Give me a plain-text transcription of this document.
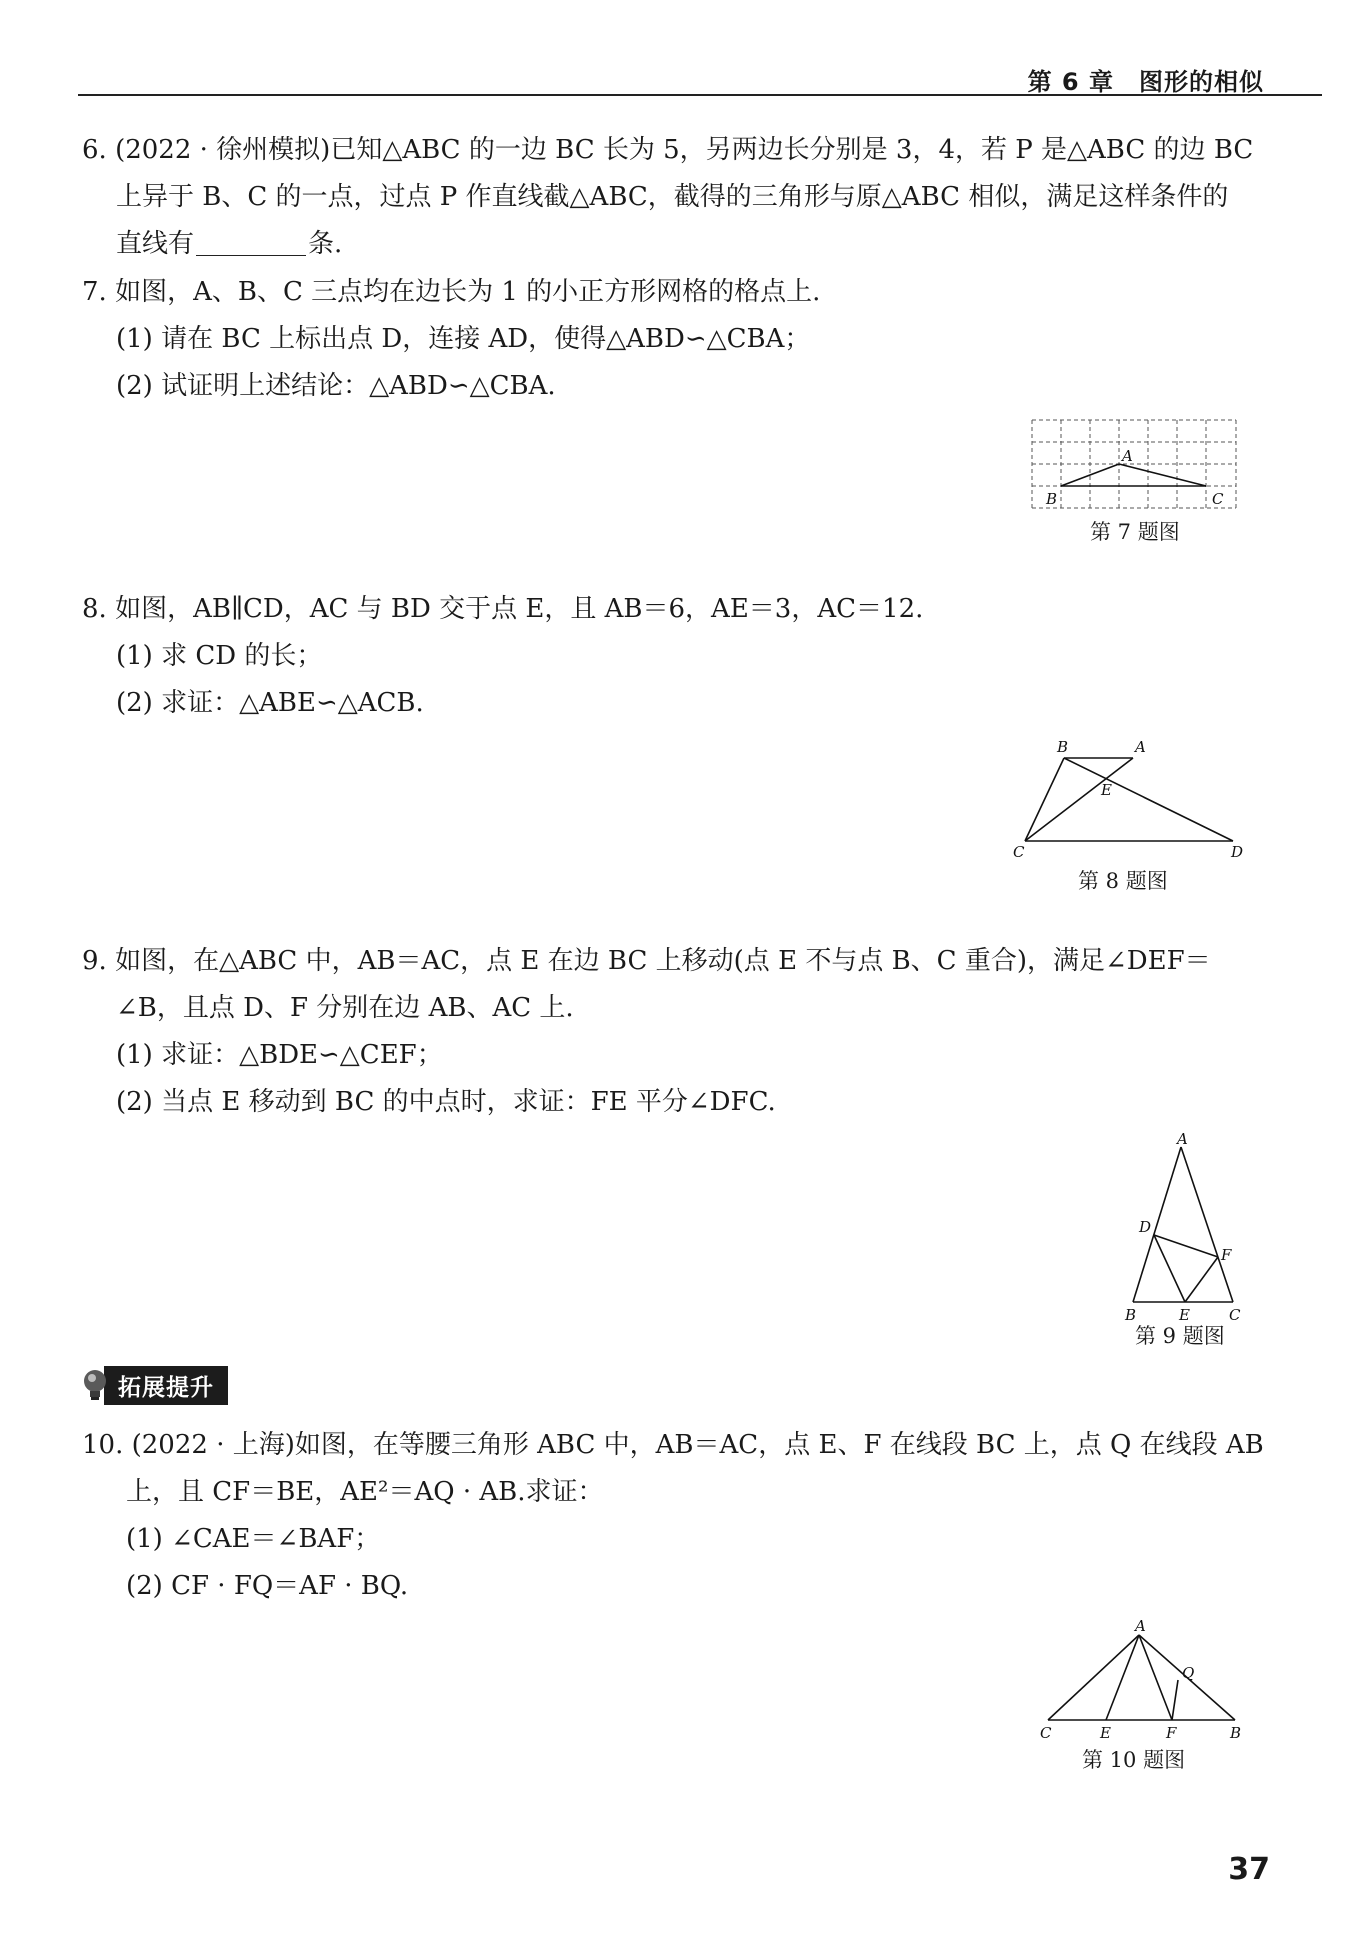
第 6 章　图形的相似
6. (2022 · 徐州模拟)已知△ABC 的一边 BC 长为 5，另两边长分别是 3，4，若 P 是△ABC 的边 BC
上异于 B、C 的一点，过点 P 作直线截△ABC，截得的三角形与原△ABC 相似，满足这样条件的
直线有	条.
7. 如图，A、B、C 三点均在边长为 1 的小正方形网格的格点上.
(1) 请在 BC 上标出点 D，连接 AD，使得△ABD∽△CBA；
(2) 试证明上述结论：△ABD∽△CBA.
A
B	C
第 7 题图
8. 如图，AB∥CD，AC 与 BD 交于点 E，且 AB＝6，AE＝3，AC＝12.
(1) 求 CD 的长；
(2) 求证：△ABE∽△ACB.
B	A
E
C	D
第 8 题图
9. 如图，在△ABC 中，AB＝AC，点 E 在边 BC 上移动(点 E 不与点 B、C 重合)，满足∠DEF＝
∠B，且点 D、F 分别在边 AB、AC 上.
(1) 求证：△BDE∽△CEF；
(2) 当点 E 移动到 BC 的中点时，求证：FE 平分∠DFC.
A
D
F
B	E	C
第 9 题图
拓展提升
10. (2022 · 上海)如图，在等腰三角形 ABC 中，AB＝AC，点 E、F 在线段 BC 上，点 Q 在线段 AB
上，且 CF＝BE，AE²＝AQ · AB.求证：
(1) ∠CAE＝∠BAF；
(2) CF · FQ＝AF · BQ.
A
Q
C	E	F	B
第 10 题图
37
